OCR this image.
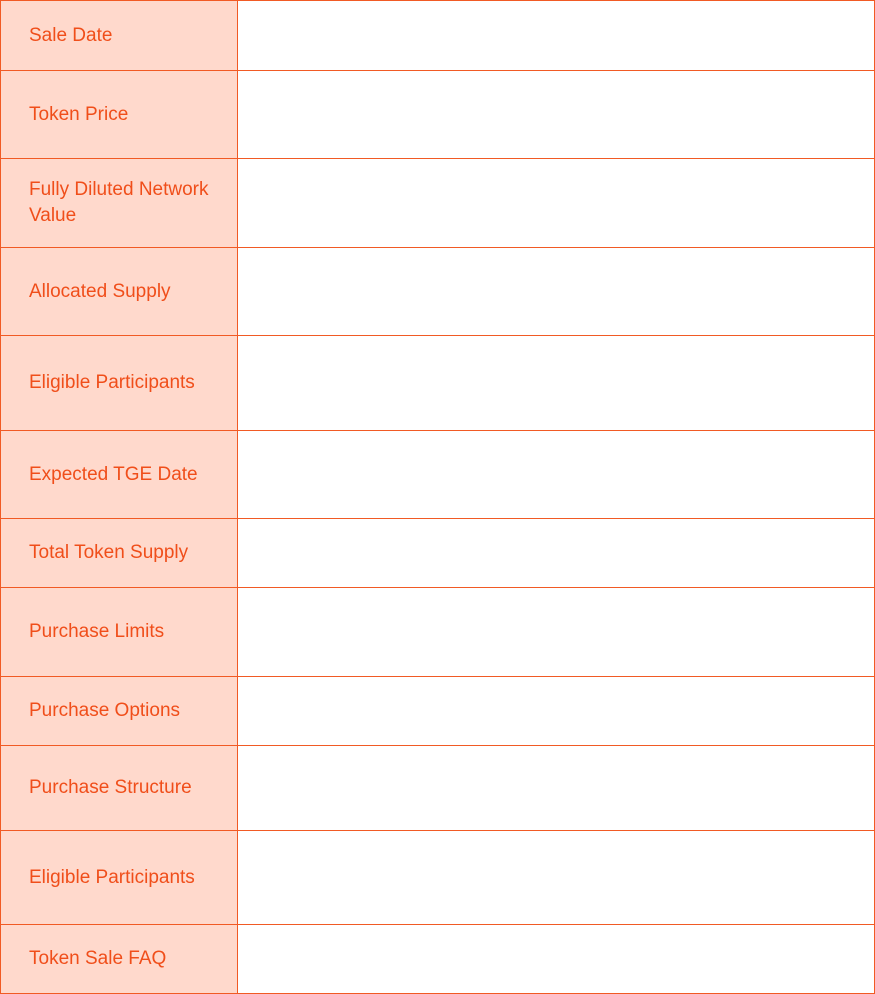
Sale Date	
Token Price	
Fully Diluted Network Value	
Allocated Supply	
Eligible Participants	
Expected TGE Date	
Total Token Supply	
Purchase Limits	
Purchase Options	
Purchase Structure	
Eligible Participants	
Token Sale FAQ	
